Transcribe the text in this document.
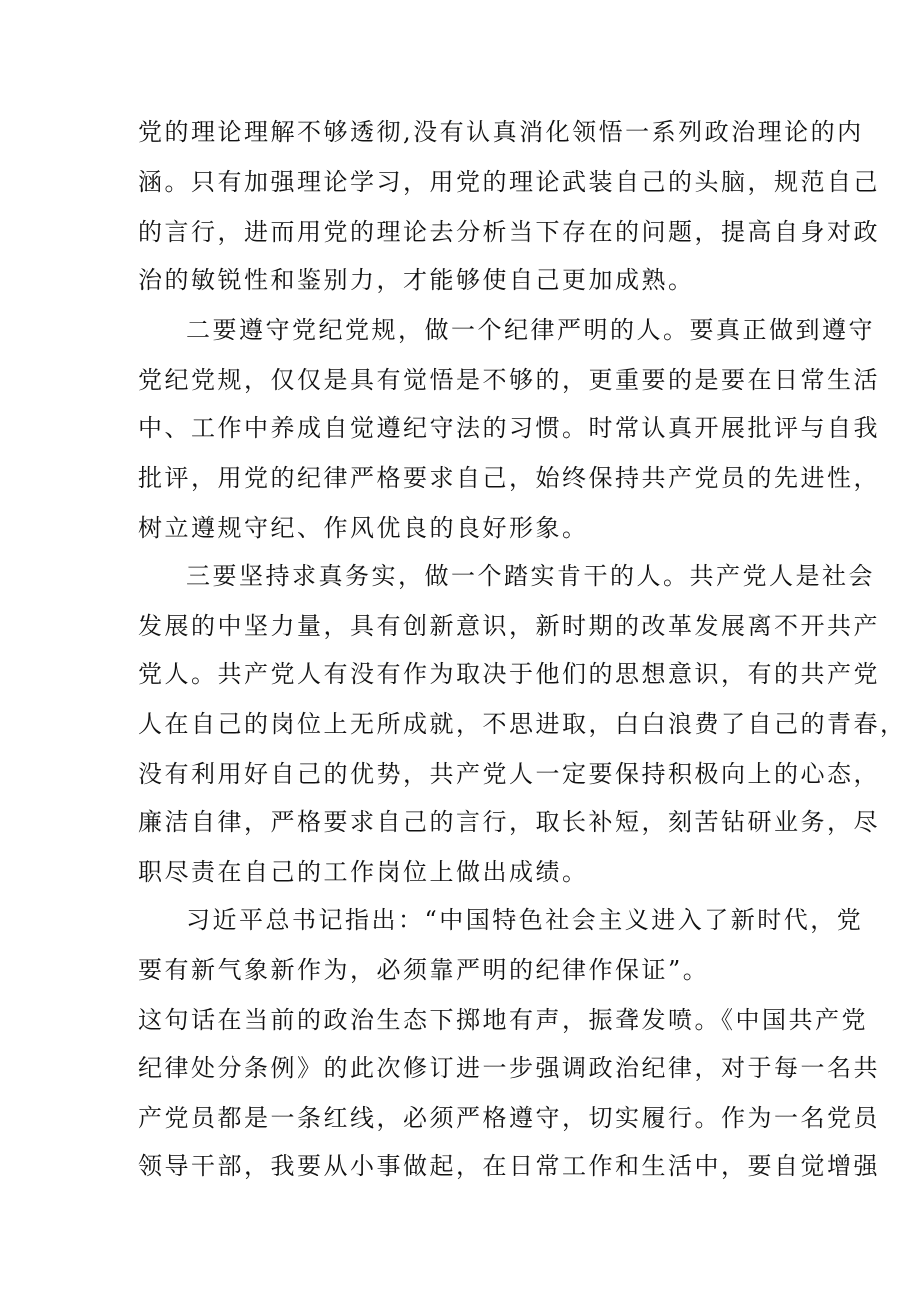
党的理论理解不够透彻,没有认真消化领悟一系列政治理论的内
涵。只有加强理论学习，用党的理论武装自己的头脑，规范自己
的言行，进而用党的理论去分析当下存在的问题，提高自身对政
治的敏锐性和鉴别力，才能够使自己更加成熟。
二要遵守党纪党规，做一个纪律严明的人。要真正做到遵守
党纪党规，仅仅是具有觉悟是不够的，更重要的是要在日常生活
中、工作中养成自觉遵纪守法的习惯。时常认真开展批评与自我
批评，用党的纪律严格要求自己，始终保持共产党员的先进性，
树立遵规守纪、作风优良的良好形象。
三要坚持求真务实，做一个踏实肯干的人。共产党人是社会
发展的中坚力量，具有创新意识，新时期的改革发展离不开共产
党人。共产党人有没有作为取决于他们的思想意识，有的共产党
人在自己的岗位上无所成就，不思进取，白白浪费了自己的青春，
没有利用好自己的优势，共产党人一定要保持积极向上的心态，
廉洁自律，严格要求自己的言行，取长补短，刻苦钻研业务，尽
职尽责在自己的工作岗位上做出成绩。
习近平总书记指出：“中国特色社会主义进入了新时代，党
要有新气象新作为，必须靠严明的纪律作保证”。
这句话在当前的政治生态下掷地有声，振聋发喷。《中国共产党
纪律处分条例》的此次修订进一步强调政治纪律，对于每一名共
产党员都是一条红线，必须严格遵守，切实履行。作为一名党员
领导干部，我要从小事做起，在日常工作和生活中，要自觉增强
